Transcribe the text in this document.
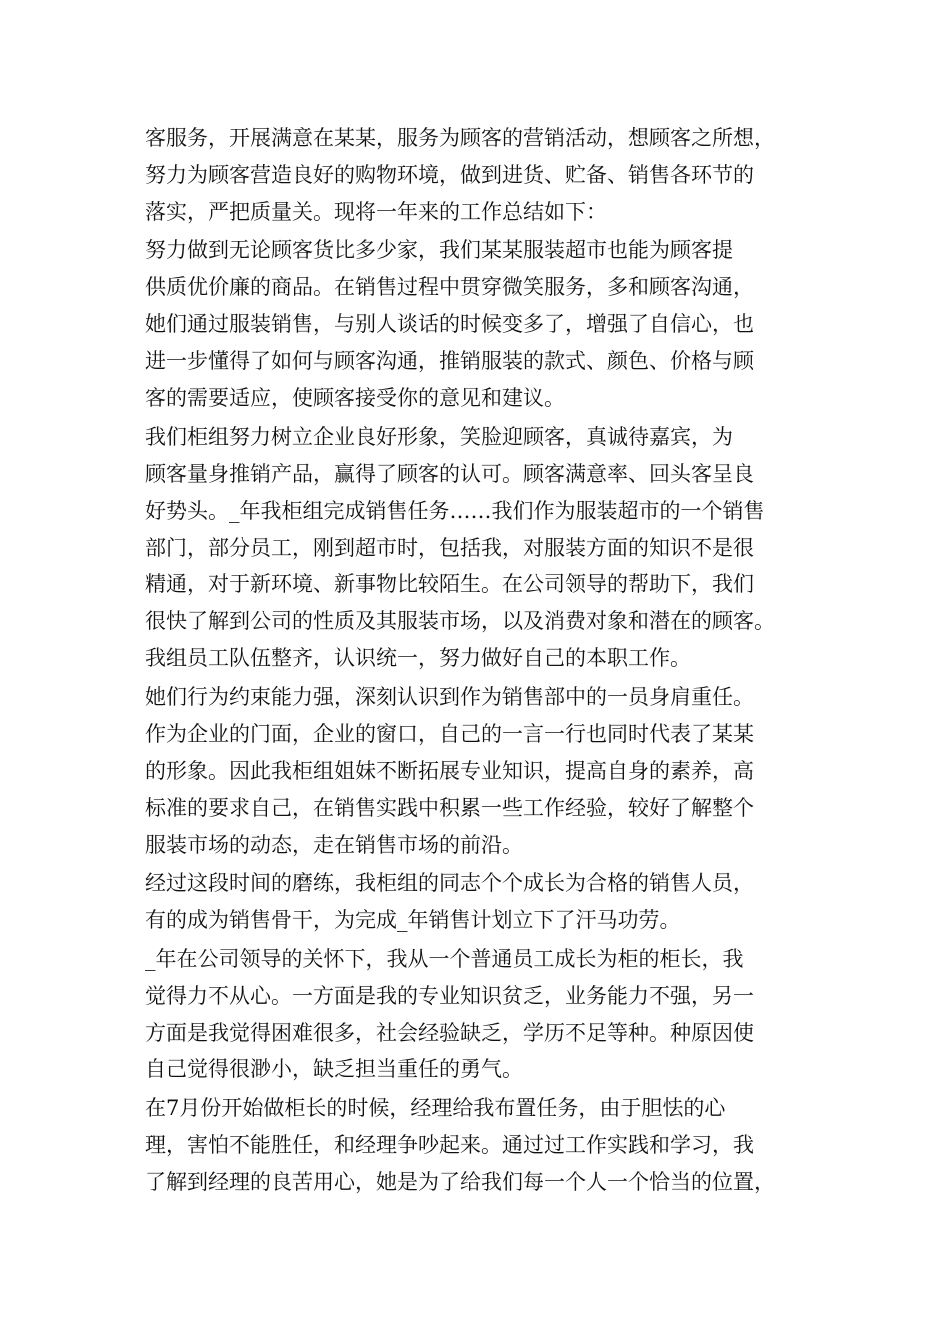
客服务，开展满意在某某，服务为顾客的营销活动，想顾客之所想，
努力为顾客营造良好的购物环境，做到进货、贮备、销售各环节的
落实，严把质量关。现将一年来的工作总结如下：
努力做到无论顾客货比多少家，我们某某服装超市也能为顾客提
供质优价廉的商品。在销售过程中贯穿微笑服务，多和顾客沟通，
她们通过服装销售，与别人谈话的时候变多了，增强了自信心，也
进一步懂得了如何与顾客沟通，推销服装的款式、颜色、价格与顾
客的需要适应，使顾客接受你的意见和建议。
我们柜组努力树立企业良好形象，笑脸迎顾客，真诚待嘉宾，为
顾客量身推销产品，赢得了顾客的认可。顾客满意率、回头客呈良
好势头。_年我柜组完成销售任务……我们作为服装超市的一个销售
部门，部分员工，刚到超市时，包括我，对服装方面的知识不是很
精通，对于新环境、新事物比较陌生。在公司领导的帮助下，我们
很快了解到公司的性质及其服装市场，以及消费对象和潜在的顾客。
我组员工队伍整齐，认识统一，努力做好自己的本职工作。
她们行为约束能力强，深刻认识到作为销售部中的一员身肩重任。
作为企业的门面，企业的窗口，自己的一言一行也同时代表了某某
的形象。因此我柜组姐妹不断拓展专业知识，提高自身的素养，高
标准的要求自己，在销售实践中积累一些工作经验，较好了解整个
服装市场的动态，走在销售市场的前沿。
经过这段时间的磨练，我柜组的同志个个成长为合格的销售人员，
有的成为销售骨干，为完成_年销售计划立下了汗马功劳。
_年在公司领导的关怀下，我从一个普通员工成长为柜的柜长，我
觉得力不从心。一方面是我的专业知识贫乏，业务能力不强，另一
方面是我觉得困难很多，社会经验缺乏，学历不足等种。种原因使
自己觉得很渺小，缺乏担当重任的勇气。
在7月份开始做柜长的时候，经理给我布置任务，由于胆怯的心
理，害怕不能胜任，和经理争吵起来。通过过工作实践和学习，我
了解到经理的良苦用心，她是为了给我们每一个人一个恰当的位置，
